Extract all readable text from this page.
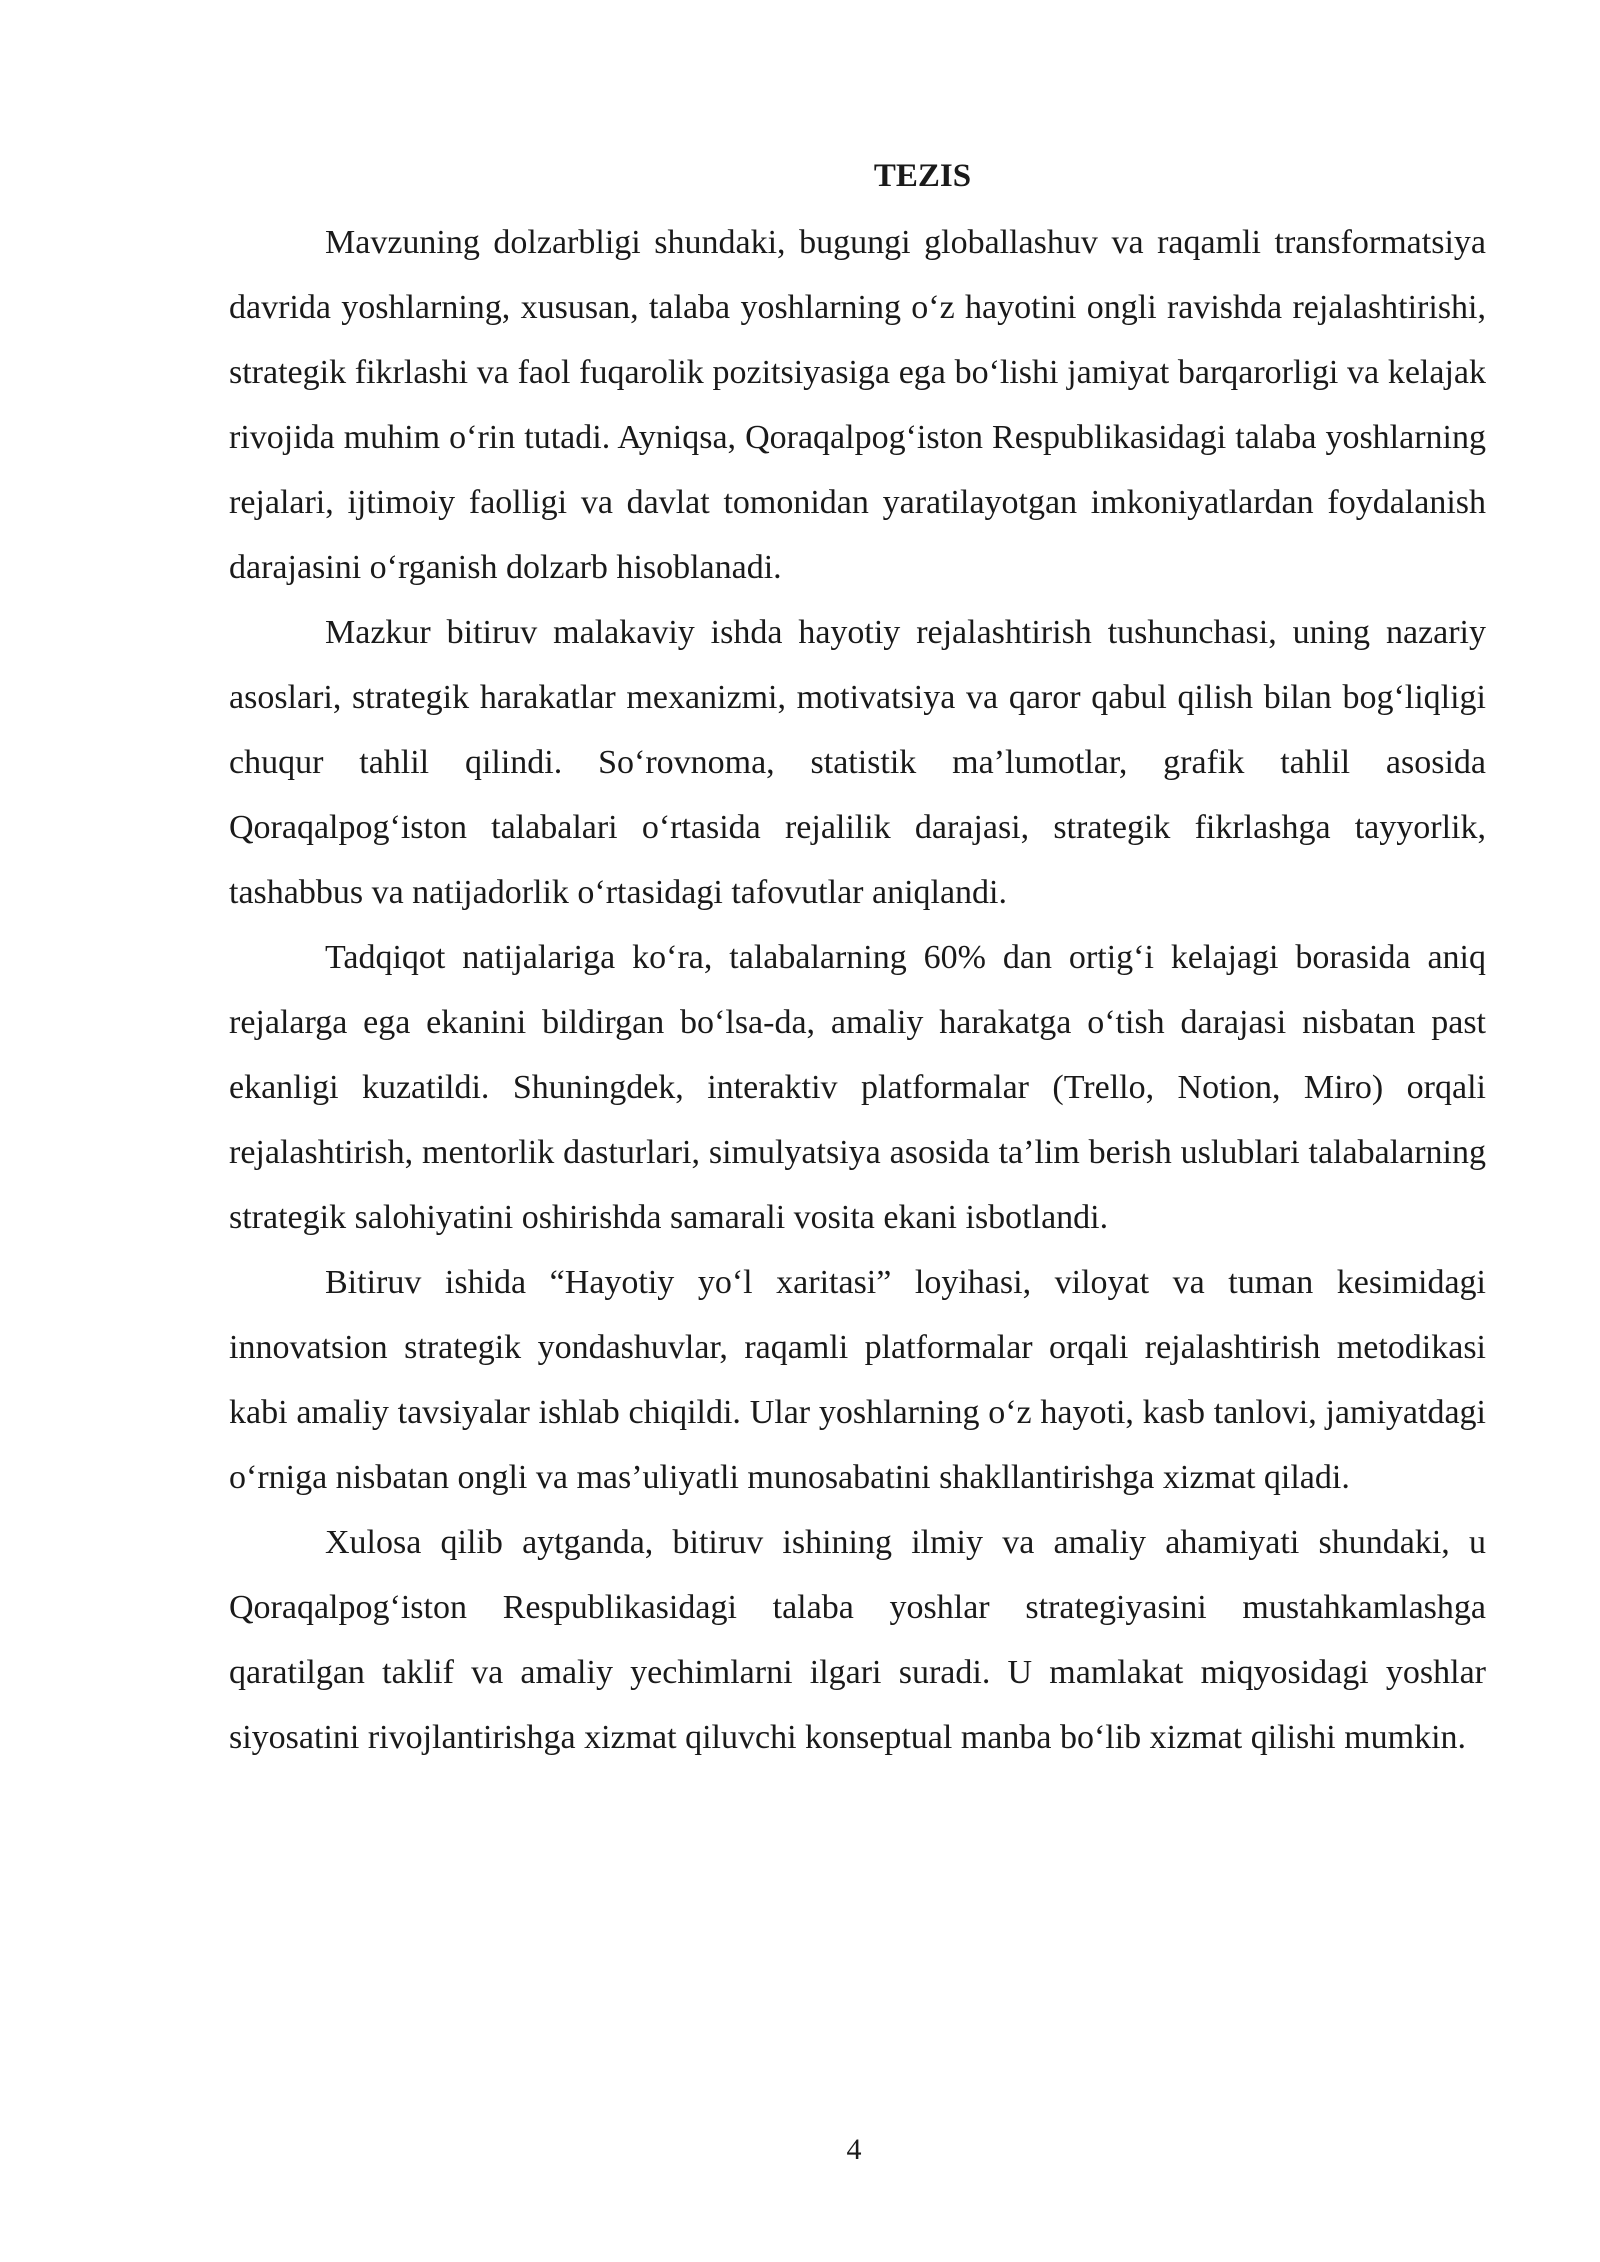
TEZIS

Mavzuning dolzarbligi shundaki, bugungi globallashuv va raqamli transformatsiya davrida yoshlarning, xususan, talaba yoshlarning o‘z hayotini ongli ravishda rejalashtirishi, strategik fikrlashi va faol fuqarolik pozitsiyasiga ega bo‘lishi jamiyat barqarorligi va kelajak rivojida muhim o‘rin tutadi. Ayniqsa, Qoraqalpog‘iston Respublikasidagi talaba yoshlarning rejalari, ijtimoiy faolligi va davlat tomonidan yaratilayotgan imkoniyatlardan foydalanish darajasini o‘rganish dolzarb hisoblanadi.

Mazkur bitiruv malakaviy ishda hayotiy rejalashtirish tushunchasi, uning nazariy asoslari, strategik harakatlar mexanizmi, motivatsiya va qaror qabul qilish bilan bog‘liqligi chuqur tahlil qilindi. So‘rovnoma, statistik ma’lumotlar, grafik tahlil asosida Qoraqalpog‘iston talabalari o‘rtasida rejalilik darajasi, strategik fikrlashga tayyorlik, tashabbus va natijadorlik o‘rtasidagi tafovutlar aniqlandi.

Tadqiqot natijalariga ko‘ra, talabalarning 60% dan ortig‘i kelajagi borasida aniq rejalarga ega ekanini bildirgan bo‘lsa-da, amaliy harakatga o‘tish darajasi nisbatan past ekanligi kuzatildi. Shuningdek, interaktiv platformalar (Trello, Notion, Miro) orqali rejalashtirish, mentorlik dasturlari, simulyatsiya asosida ta’lim berish uslublari talabalarning strategik salohiyatini oshirishda samarali vosita ekani isbotlandi.

Bitiruv ishida “Hayotiy yo‘l xaritasi” loyihasi, viloyat va tuman kesimidagi innovatsion strategik yondashuvlar, raqamli platformalar orqali rejalashtirish metodikasi kabi amaliy tavsiyalar ishlab chiqildi. Ular yoshlarning o‘z hayoti, kasb tanlovi, jamiyatdagi o‘rniga nisbatan ongli va mas’uliyatli munosabatini shakllantirishga xizmat qiladi.

Xulosa qilib aytganda, bitiruv ishining ilmiy va amaliy ahamiyati shundaki, u Qoraqalpog‘iston Respublikasidagi talaba yoshlar strategiyasini mustahkamlashga qaratilgan taklif va amaliy yechimlarni ilgari suradi. U mamlakat miqyosidagi yoshlar siyosatini rivojlantirishga xizmat qiluvchi konseptual manba bo‘lib xizmat qilishi mumkin.

4
